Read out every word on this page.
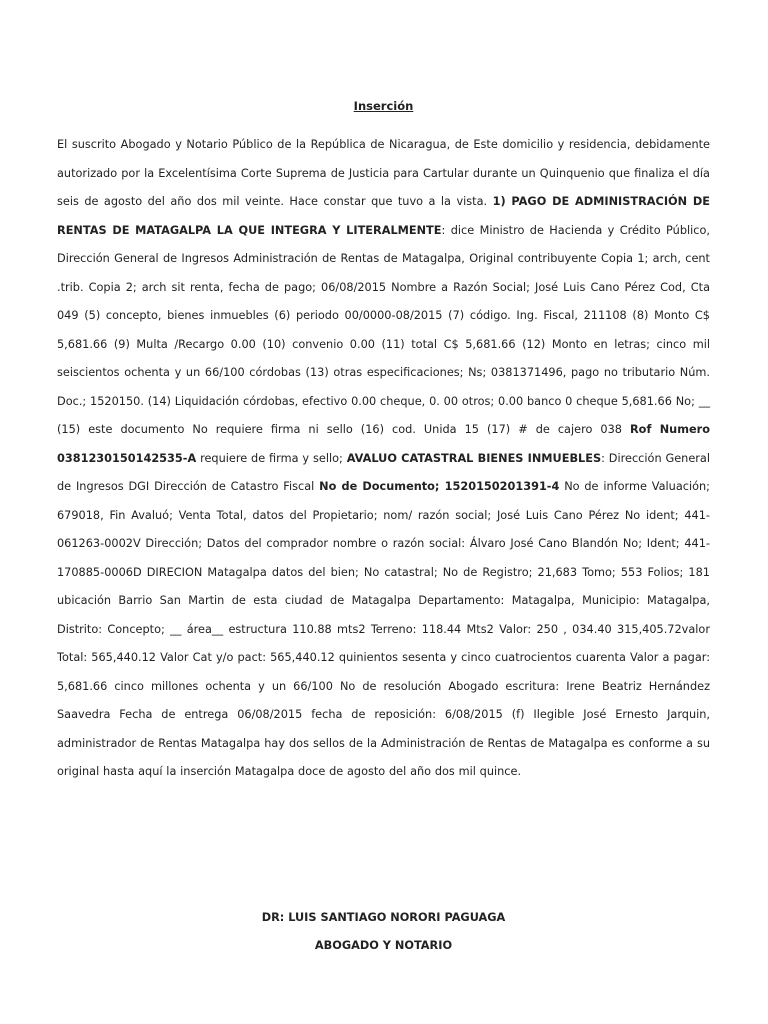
Inserción

El suscrito Abogado y Notario Público de la República de Nicaragua, de Este domicilio y residencia, debidamente autorizado por la Excelentísima Corte Suprema de Justicia para Cartular durante un Quinquenio que finaliza el día seis de agosto del año dos mil veinte. Hace constar que tuvo a la vista. 1) PAGO DE ADMINISTRACIÓN DE RENTAS DE MATAGALPA LA QUE INTEGRA Y LITERALMENTE: dice Ministro de Hacienda y Crédito Público, Dirección General de Ingresos Administración de Rentas de Matagalpa, Original contribuyente Copia 1; arch, cent .trib. Copia 2; arch sit renta, fecha de pago; 06/08/2015 Nombre a Razón Social; José Luis Cano Pérez Cod, Cta 049 (5) concepto, bienes inmuebles (6) periodo 00/0000-08/2015 (7) código. Ing. Fiscal, 211108 (8) Monto C$ 5,681.66 (9) Multa /Recargo 0.00 (10) convenio 0.00 (11) total C$ 5,681.66 (12) Monto en letras; cinco mil seiscientos ochenta y un 66/100 córdobas (13) otras especificaciones; Ns; 0381371496, pago no tributario Núm. Doc.; 1520150. (14) Liquidación córdobas, efectivo 0.00 cheque, 0. 00 otros; 0.00 banco 0 cheque 5,681.66 No; __ (15) este documento No requiere firma ni sello (16) cod. Unida 15 (17) # de cajero 038 Rof Numero 0381230150142535-A requiere de firma y sello; AVALUO CATASTRAL BIENES INMUEBLES: Dirección General de Ingresos DGI Dirección de Catastro Fiscal No de Documento; 1520150201391-4 No de informe Valuación; 679018, Fin Avaluó; Venta Total, datos del Propietario; nom/ razón social; José Luis Cano Pérez No ident; 441-061263-0002V Dirección; Datos del comprador nombre o razón social: Álvaro José Cano Blandón No; Ident; 441-170885-0006D DIRECION Matagalpa datos del bien; No catastral; No de Registro; 21,683 Tomo; 553 Folios; 181 ubicación Barrio San Martin de esta ciudad de Matagalpa Departamento: Matagalpa, Municipio: Matagalpa, Distrito: Concepto; __ área__ estructura 110.88 mts2 Terreno: 118.44 Mts2 Valor: 250 , 034.40 315,405.72valor Total: 565,440.12 Valor Cat y/o pact: 565,440.12 quinientos sesenta y cinco cuatrocientos cuarenta Valor a pagar: 5,681.66 cinco millones ochenta y un 66/100 No de resolución Abogado escritura: Irene Beatriz Hernández Saavedra Fecha de entrega 06/08/2015 fecha de reposición: 6/08/2015 (f) Ilegible José Ernesto Jarquin, administrador de Rentas Matagalpa hay dos sellos de la Administración de Rentas de Matagalpa es conforme a su original hasta aquí la inserción Matagalpa doce de agosto del año dos mil quince.

DR: LUIS SANTIAGO NORORI PAGUAGA
ABOGADO Y NOTARIO
